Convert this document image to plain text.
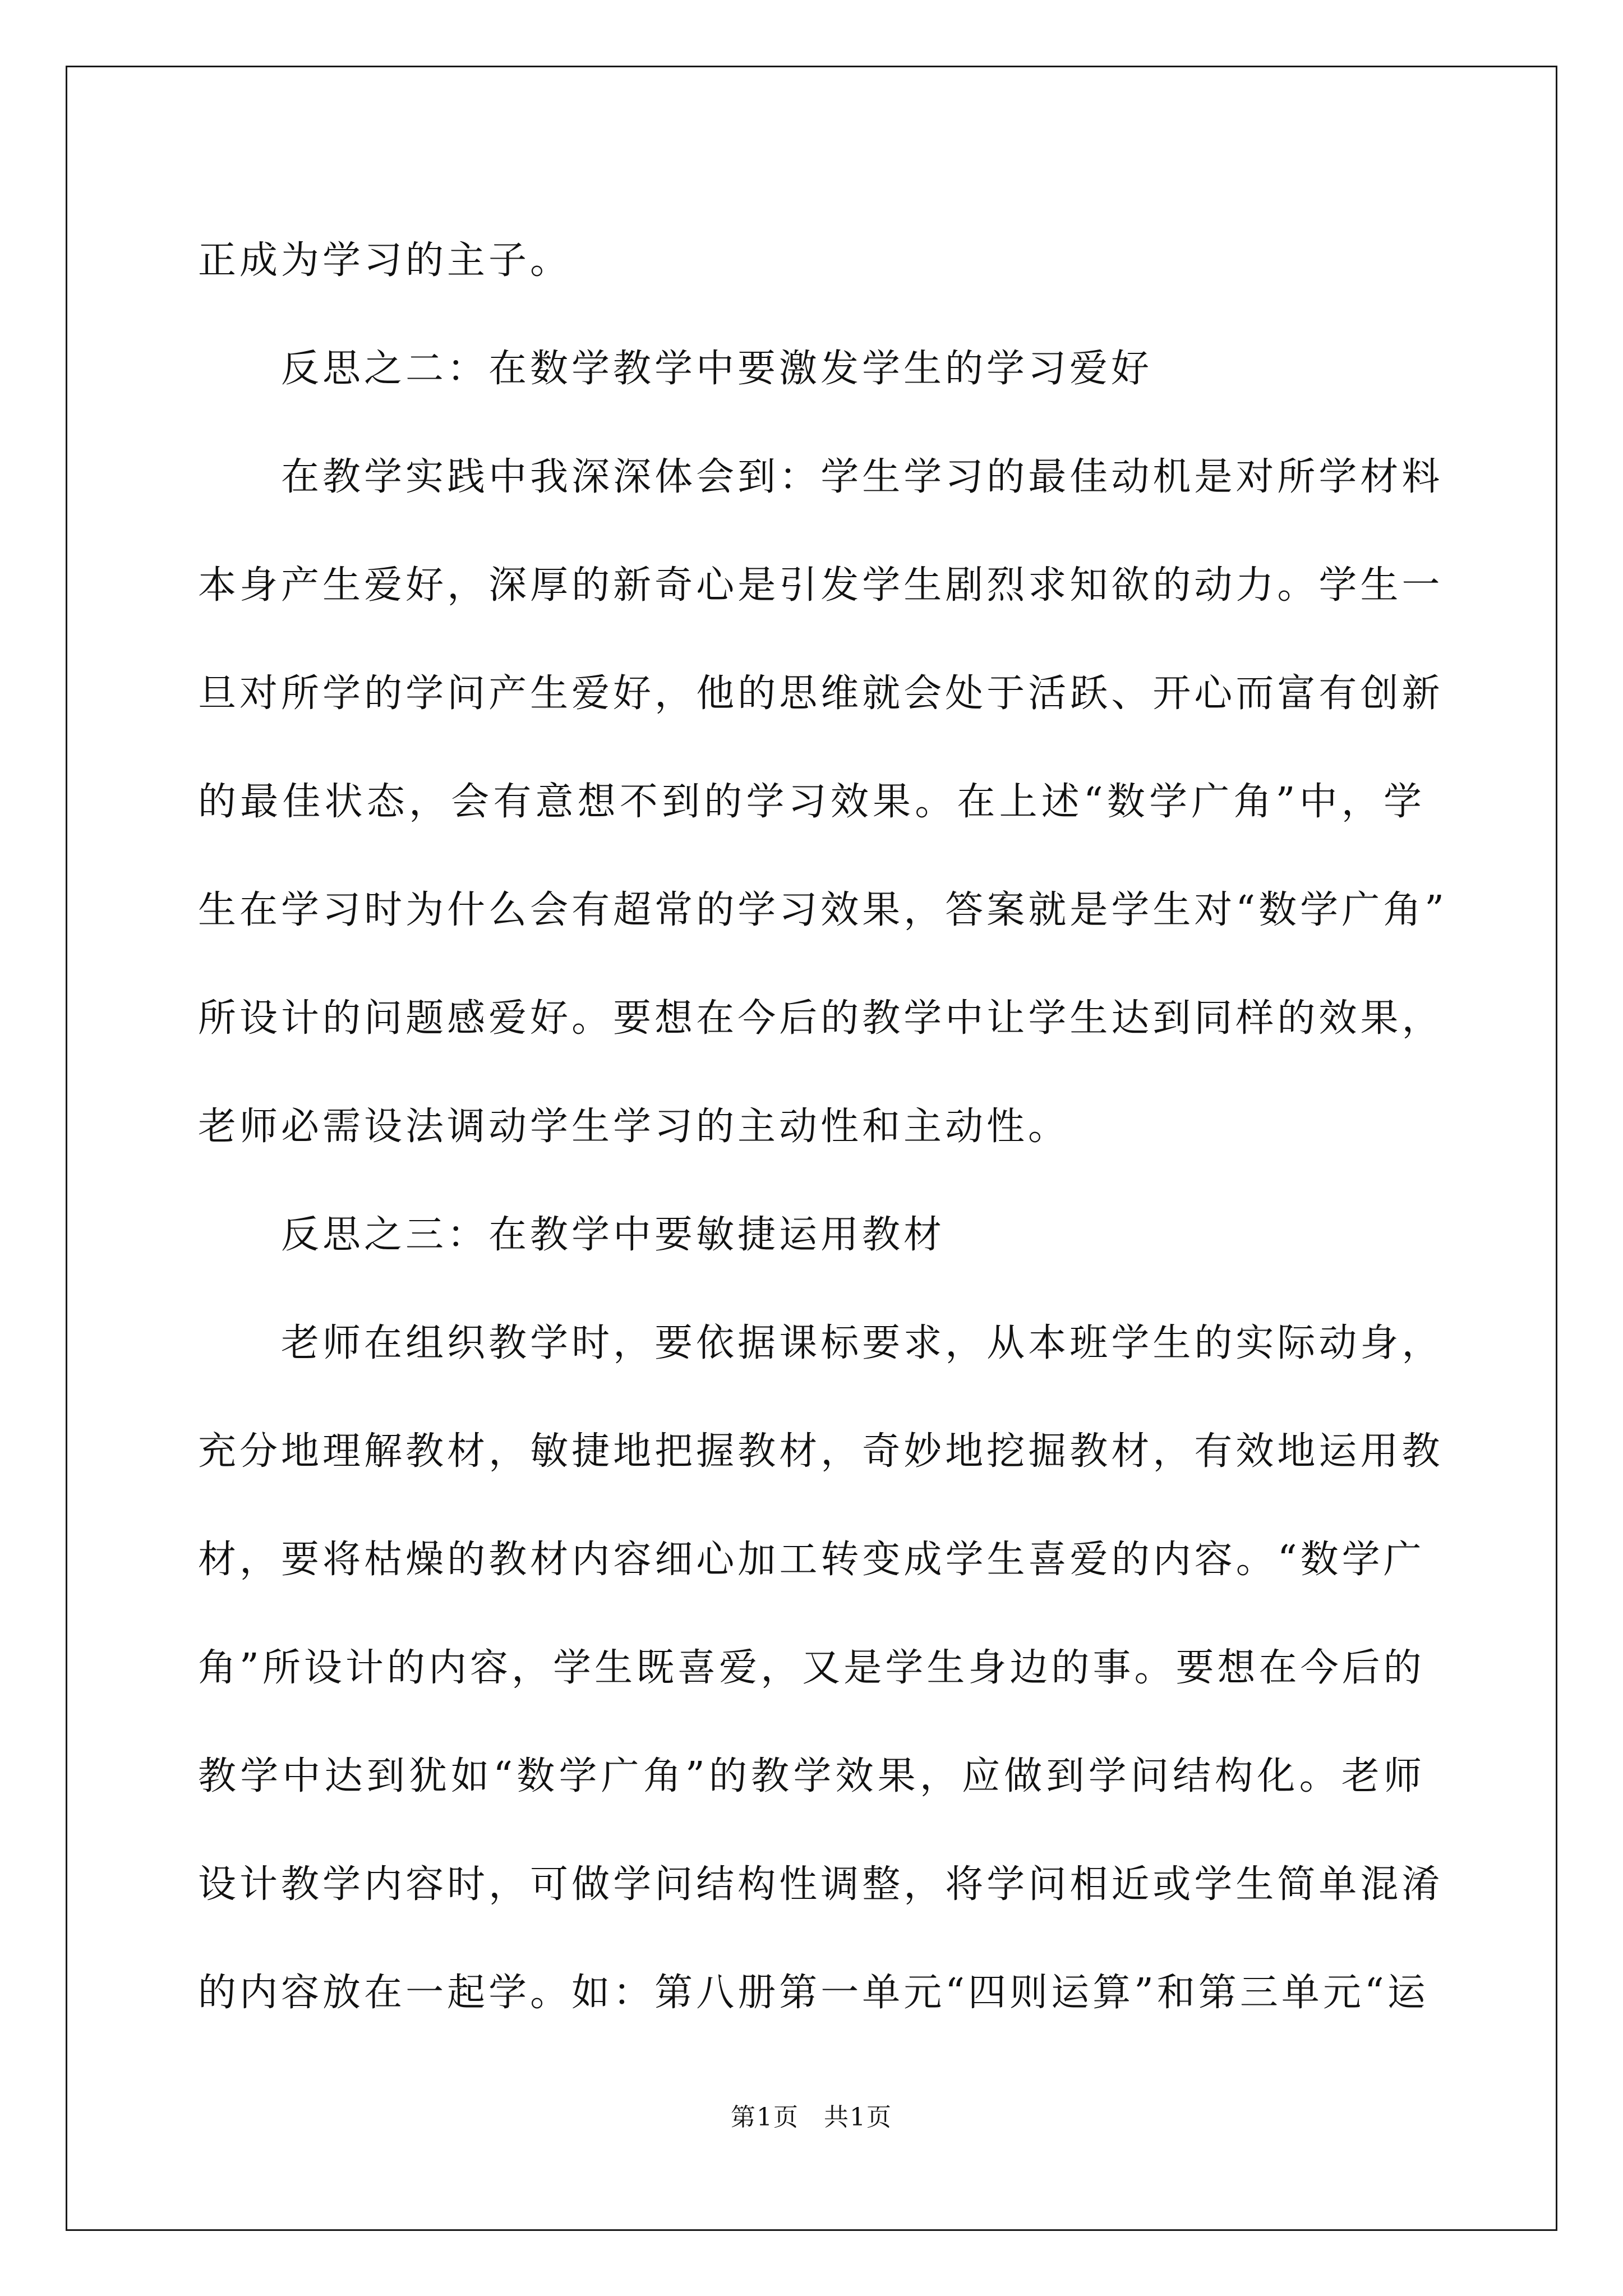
正成为学习的主子。
反思之二：在数学教学中要激发学生的学习爱好
在 教 学 实 践 中 我 深 深 体 会 到 ： 学 生 学 习 的 最 佳 动 机 是 对 所 学 材 料
本 身 产 生 爱 好 ， 深 厚 的 新 奇 心 是 引 发 学 生 剧 烈 求 知 欲 的 动 力 。 学 生 一
旦 对 所 学 的 学 问 产 生 爱 好 ， 他 的 思 维 就 会 处 于 活 跃 、 开 心 而 富 有 创 新
的 最 佳 状 态 ， 会 有 意 想 不 到 的 学 习 效 果 。 在 上 述 “ 数 学 广 角 ” 中 ， 学
生 在 学 习 时 为 什 么 会 有 超 常 的 学 习 效 果 ， 答 案 就 是 学 生 对 “ 数 学 广 角 ”
所 设 计 的 问 题 感 爱 好 。 要 想 在 今 后 的 教 学 中 让 学 生 达 到 同 样 的 效 果 ，
老师必需设法调动学生学习的主动性和主动性。
反思之三：在教学中要敏捷运用教材
老 师 在 组 织 教 学 时 ， 要 依 据 课 标 要 求 ， 从 本 班 学 生 的 实 际 动 身 ，
充 分 地 理 解 教 材 ， 敏 捷 地 把 握 教 材 ， 奇 妙 地 挖 掘 教 材 ， 有 效 地 运 用 教
材 ， 要 将 枯 燥 的 教 材 内 容 细 心 加 工 转 变 成 学 生 喜 爱 的 内 容 。 “ 数 学 广
角 ” 所 设 计 的 内 容 ， 学 生 既 喜 爱 ， 又 是 学 生 身 边 的 事 。 要 想 在 今 后 的
教 学 中 达 到 犹 如 “ 数 学 广 角 ” 的 教 学 效 果 ， 应 做 到 学 问 结 构 化 。 老 师
设 计 教 学 内 容 时 ， 可 做 学 问 结 构 性 调 整 ， 将 学 问 相 近 或 学 生 简 单 混 淆
的 内 容 放 在 一 起 学 。 如 ： 第 八 册 第 一 单 元 “ 四 则 运 算 ” 和 第 三 单 元 “ 运
第1页 共1页
